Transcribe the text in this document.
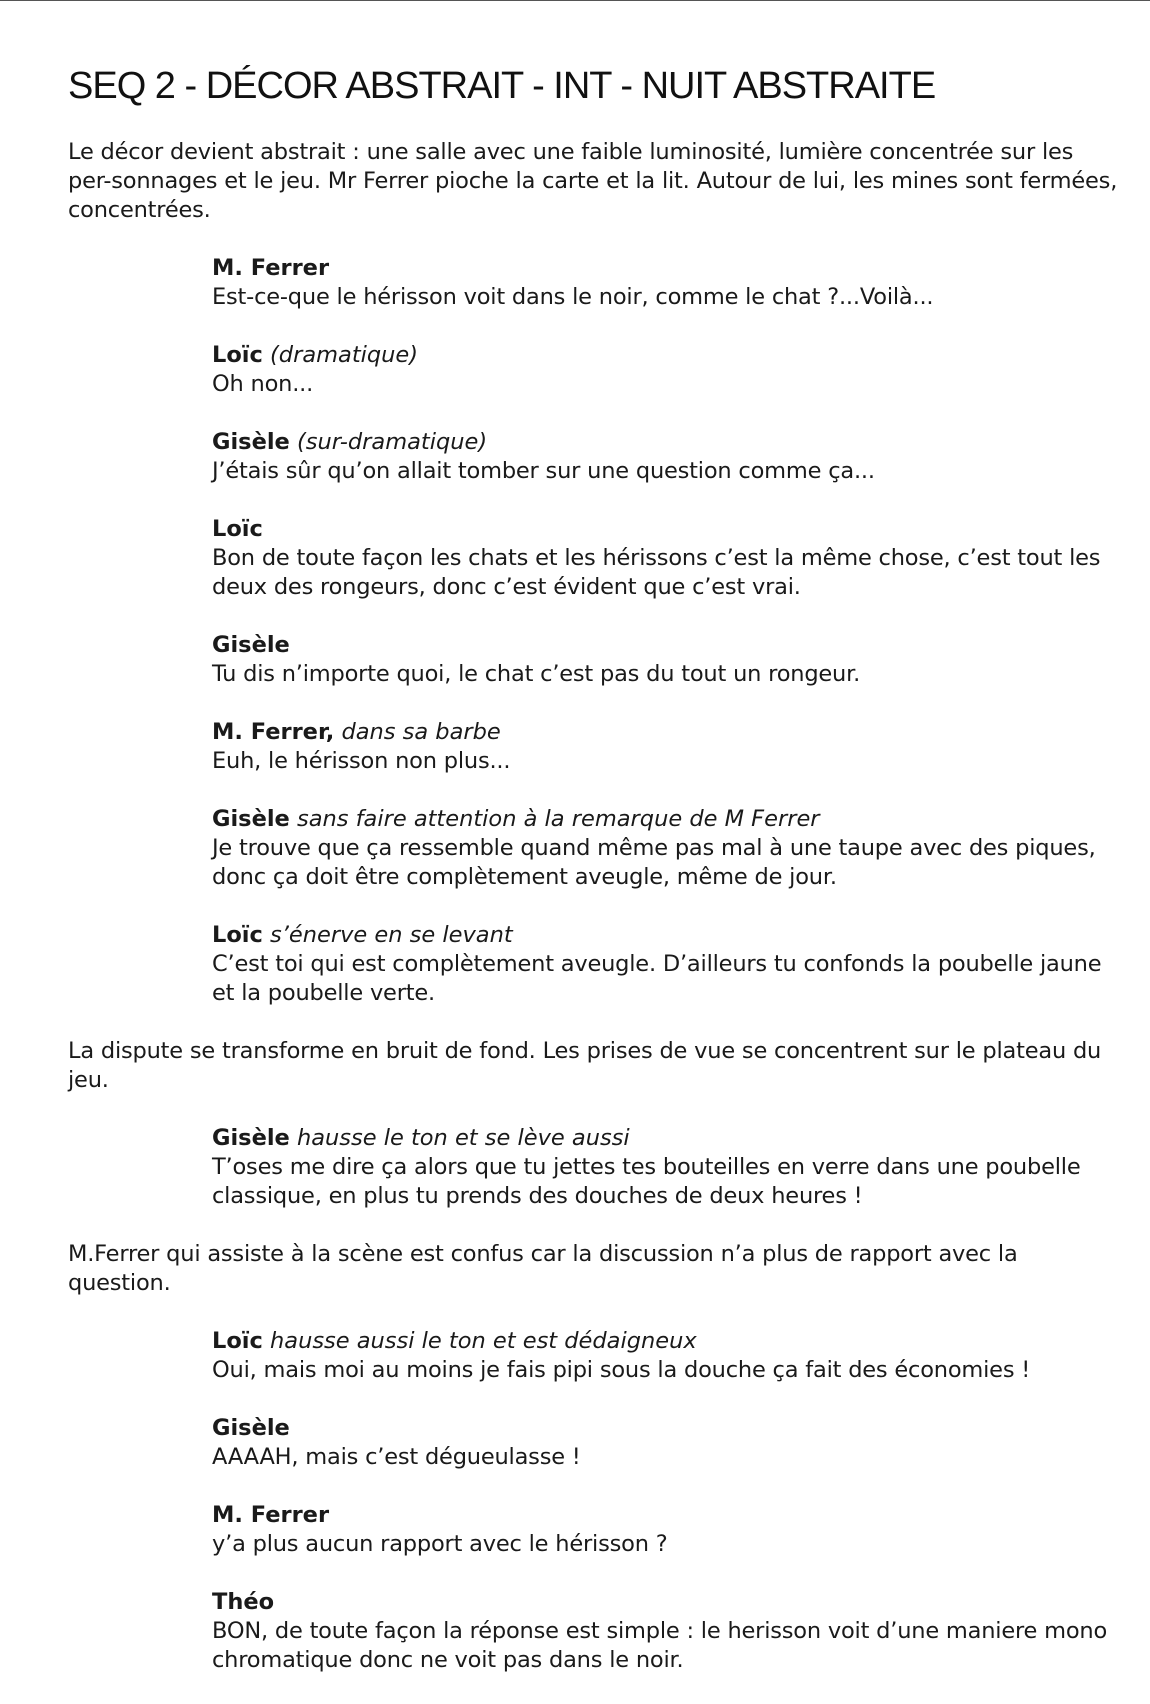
SEQ 2 - DÉCOR ABSTRAIT - INT - NUIT ABSTRAITE

Le décor devient abstrait : une salle avec une faible luminosité, lumière concentrée sur les per-sonnages et le jeu. Mr Ferrer pioche la carte et la lit. Autour de lui, les mines sont fermées, concentrées.

M. Ferrer

Est-ce-que le hérisson voit dans le noir, comme le chat ?...Voilà...

Loïc (dramatique)

Oh non...

Gisèle (sur-dramatique)

J’étais sûr qu’on allait tomber sur une question comme ça...

Loïc

Bon de toute façon les chats et les hérissons c’est la même chose, c’est tout les deux des rongeurs, donc c’est évident que c’est vrai.

Gisèle

Tu dis n’importe quoi, le chat c’est pas du tout un rongeur.

M. Ferrer, dans sa barbe

Euh, le hérisson non plus...

Gisèle sans faire attention à la remarque de M Ferrer

Je trouve que ça ressemble quand même pas mal à une taupe avec des piques, donc ça doit être complètement aveugle, même de jour.

Loïc s’énerve en se levant

C’est toi qui est complètement aveugle. D’ailleurs tu confonds la poubelle jaune et la poubelle verte.

La dispute se transforme en bruit de fond. Les prises de vue se concentrent sur le plateau du jeu.

Gisèle hausse le ton et se lève aussi

T’oses me dire ça alors que tu jettes tes bouteilles en verre dans une poubelle classique, en plus tu prends des douches de deux heures !

M.Ferrer qui assiste à la scène est confus car la discussion n’a plus de rapport avec la question.

Loïc hausse aussi le ton et est dédaigneux

Oui, mais moi au moins je fais pipi sous la douche ça fait des économies !

Gisèle

AAAAH, mais c’est dégueulasse !

M. Ferrer

y’a plus aucun rapport avec le hérisson ?

Théo

BON, de toute façon la réponse est simple : le herisson voit d’une maniere mono chromatique donc ne voit pas dans le noir.
